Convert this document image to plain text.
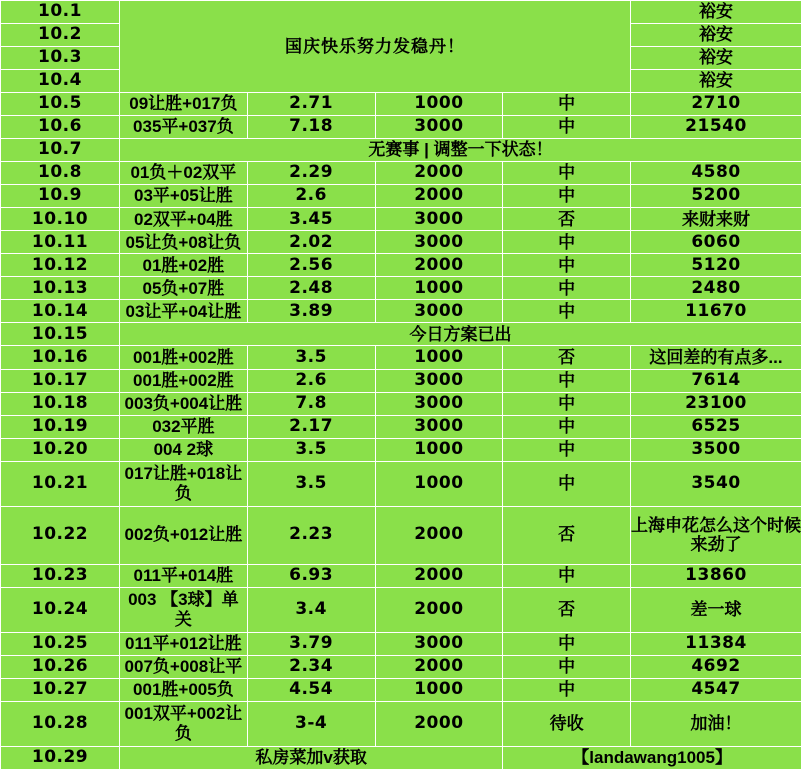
10.1	国庆快乐努力发稳丹！				裕安
10.2					裕安
10.3					裕安
10.4					裕安
10.5	09让胜+017负	2.71	1000	中	2710
10.6	035平+037负	7.18	3000	中	21540
10.7	无赛事 | 调整一下状态！				
10.8	01负＋02双平	2.29	2000	中	4580
10.9	03平+05让胜	2.6	2000	中	5200
10.10	02双平+04胜	3.45	3000	否	来财来财
10.11	05让负+08让负	2.02	3000	中	6060
10.12	01胜+02胜	2.56	2000	中	5120
10.13	05负+07胜	2.48	1000	中	2480
10.14	03让平+04让胜	3.89	3000	中	11670
10.15	今日方案已出				
10.16	001胜+002胜	3.5	1000	否	这回差的有点多...
10.17	001胜+002胜	2.6	3000	中	7614
10.18	003负+004让胜	7.8	3000	中	23100
10.19	032平胜	2.17	3000	中	6525
10.20	004 2球	3.5	1000	中	3500
10.21	017让胜+018让负	3.5	1000	中	3540
10.22	002负+012让胜	2.23	2000	否	上海申花怎么这个时候来劲了
10.23	011平+014胜	6.93	2000	中	13860
10.24	003 【3球】单关	3.4	2000	否	差一球
10.25	011平+012让胜	3.79	3000	中	11384
10.26	007负+008让平	2.34	2000	中	4692
10.27	001胜+005负	4.54	1000	中	4547
10.28	001双平+002让负	3-4	2000	待收	加油！
10.29	私房菜加v获取			【landawang1005】	
